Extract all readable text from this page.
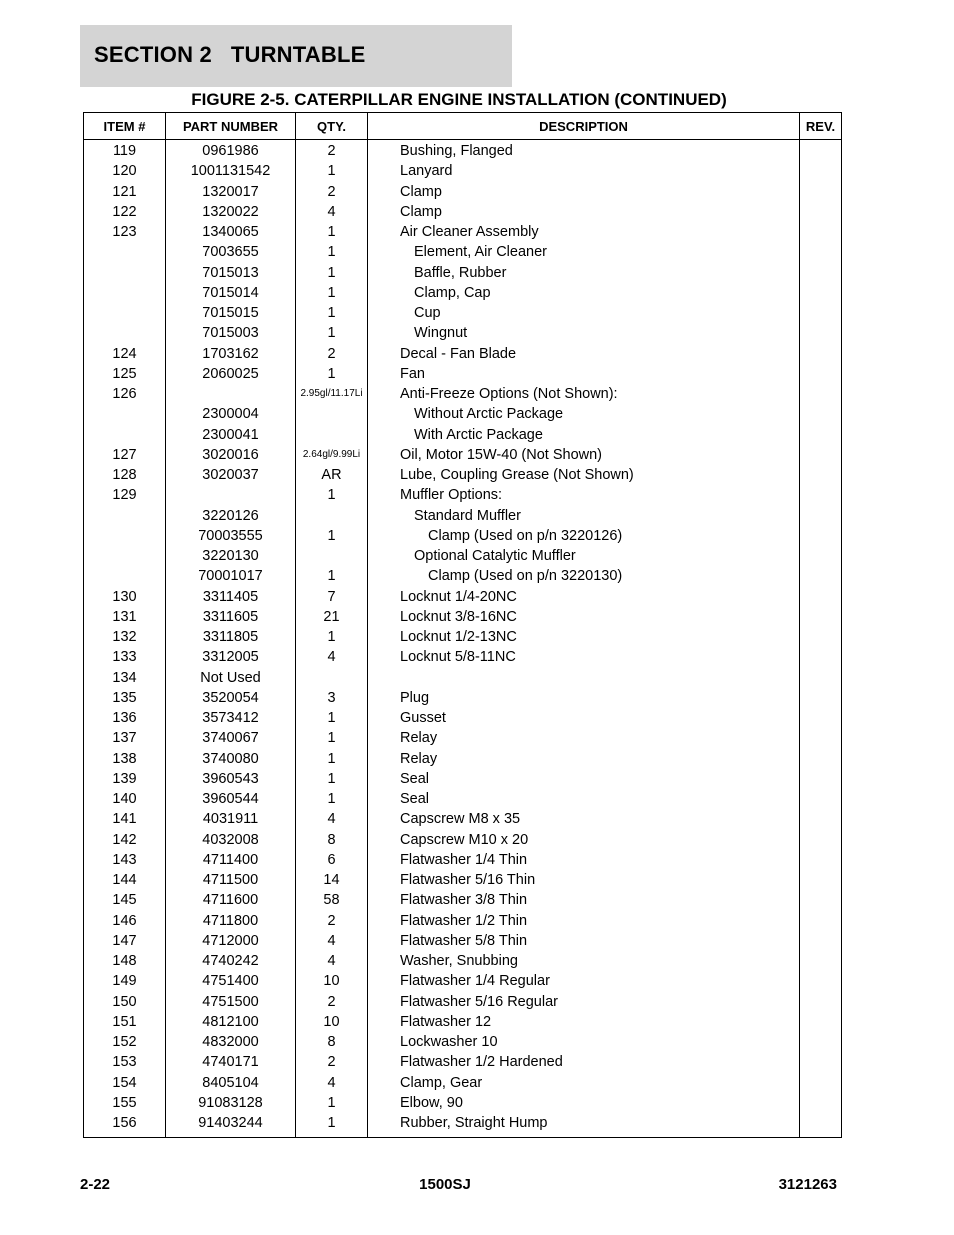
SECTION 2   TURNTABLE
FIGURE 2-5. CATERPILLAR ENGINE INSTALLATION (CONTINUED)
ITEM #	PART NUMBER	QTY.	DESCRIPTION	REV.
119	0961986	2	Bushing, Flanged	
120	1001131542	1	Lanyard	
121	1320017	2	Clamp	
122	1320022	4	Clamp	
123	1340065	1	Air Cleaner Assembly	
	7003655	1	Element, Air Cleaner	
	7015013	1	Baffle, Rubber	
	7015014	1	Clamp, Cap	
	7015015	1	Cup	
	7015003	1	Wingnut	
124	1703162	2	Decal - Fan Blade	
125	2060025	1	Fan	
126		2.95gl/11.17Li	Anti-Freeze Options (Not Shown):	
	2300004		Without Arctic Package	
	2300041		With Arctic Package	
127	3020016	2.64gl/9.99Li	Oil, Motor 15W-40 (Not Shown)	
128	3020037	AR	Lube, Coupling Grease (Not Shown)	
129		1	Muffler Options:	
	3220126		Standard Muffler	
	70003555	1	Clamp (Used on p/n 3220126)	
	3220130		Optional Catalytic Muffler	
	70001017	1	Clamp (Used on p/n 3220130)	
130	3311405	7	Locknut 1/4-20NC	
131	3311605	21	Locknut 3/8-16NC	
132	3311805	1	Locknut 1/2-13NC	
133	3312005	4	Locknut 5/8-11NC	
134	Not Used			
135	3520054	3	Plug	
136	3573412	1	Gusset	
137	3740067	1	Relay	
138	3740080	1	Relay	
139	3960543	1	Seal	
140	3960544	1	Seal	
141	4031911	4	Capscrew M8 x 35	
142	4032008	8	Capscrew M10 x 20	
143	4711400	6	Flatwasher 1/4 Thin	
144	4711500	14	Flatwasher 5/16 Thin	
145	4711600	58	Flatwasher 3/8 Thin	
146	4711800	2	Flatwasher 1/2 Thin	
147	4712000	4	Flatwasher 5/8 Thin	
148	4740242	4	Washer, Snubbing	
149	4751400	10	Flatwasher 1/4 Regular	
150	4751500	2	Flatwasher 5/16 Regular	
151	4812100	10	Flatwasher 12	
152	4832000	8	Lockwasher 10	
153	4740171	2	Flatwasher 1/2 Hardened	
154	8405104	4	Clamp, Gear	
155	91083128	1	Elbow, 90	
156	91403244	1	Rubber, Straight Hump	
2-22	1500SJ	3121263
